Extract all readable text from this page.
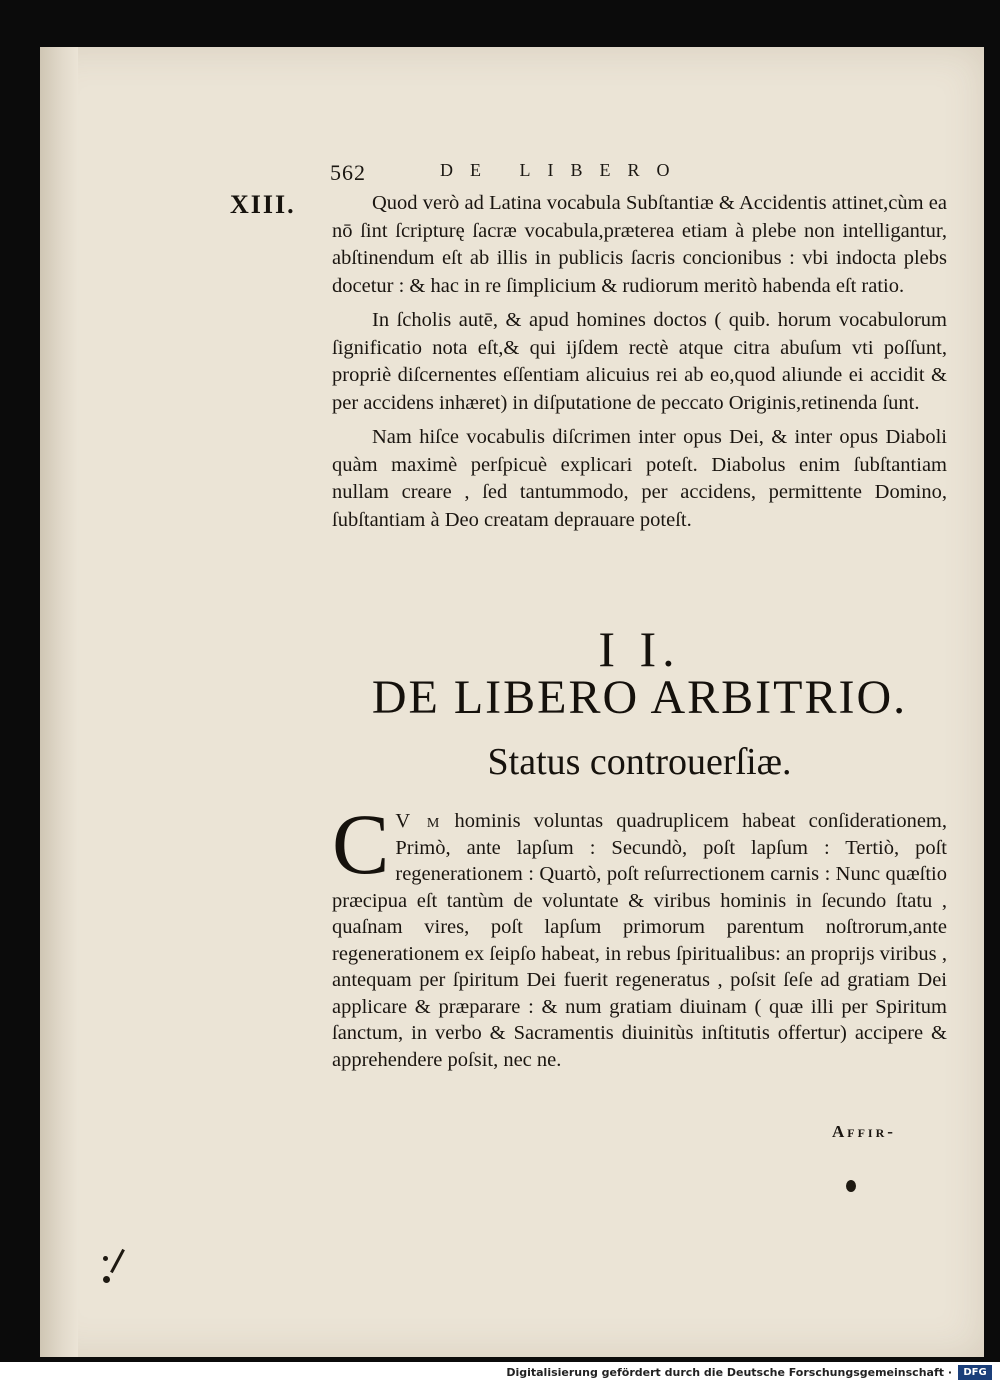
562	DE LIBERO
XIII.	Quod verò ad Latina vocabula Subſtantiæ & Accidentis attinet,cùm ea nō ſint ſcripturę ſacræ vocabula,præterea etiam à plebe non intelligantur, abſtinendum eſt ab illis in publicis ſacris concionibus : vbi indocta plebs docetur : & hac in re ſimplicium & rudiorum meritò habenda eſt ratio.

In ſcholis autē, & apud homines doctos ( quib. horum vocabulorum ſignificatio nota eſt,& qui ijſdem rectè atque citra abuſum vti poſſunt, propriè diſcernentes eſſentiam alicuius rei ab eo,quod aliunde ei accidit & per accidens inhæret) in diſputatione de peccato Originis,retinenda ſunt.

Nam hiſce vocabulis diſcrimen inter opus Dei, & inter opus Diaboli quàm maximè perſpicuè explicari poteſt. Diabolus enim ſubſtantiam nullam creare , ſed tantummodo, per accidens, permittente Domino, ſubſtantiam à Deo creatam deprauare poteſt.

I I.
DE LIBERO ARBITRIO.
Status controuerſiæ.
C V m hominis voluntas quadruplicem habeat conſiderationem, Primò, ante lapſum : Secundò, poſt lapſum : Tertiò, poſt regenerationem : Quartò, poſt reſurrectionem carnis : Nunc quæſtio præcipua eſt tantùm de voluntate & viribus hominis in ſecundo ſtatu , quaſnam vires, poſt lapſum primorum parentum noſtrorum,ante regenerationem ex ſeipſo habeat, in rebus ſpiritualibus: an proprijs viribus , antequam per ſpiritum Dei fuerit regeneratus , poſsit ſeſe ad gratiam Dei applicare & præparare : & num gratiam diuinam ( quæ illi per Spiritum ſanctum, in verbo & Sacramentis diuinitùs inſtitutis offertur) accipere & apprehendere poſsit, nec ne.
Affir-
Digitalisierung gefördert durch die Deutsche Forschungsgemeinschaft ·	DFG
